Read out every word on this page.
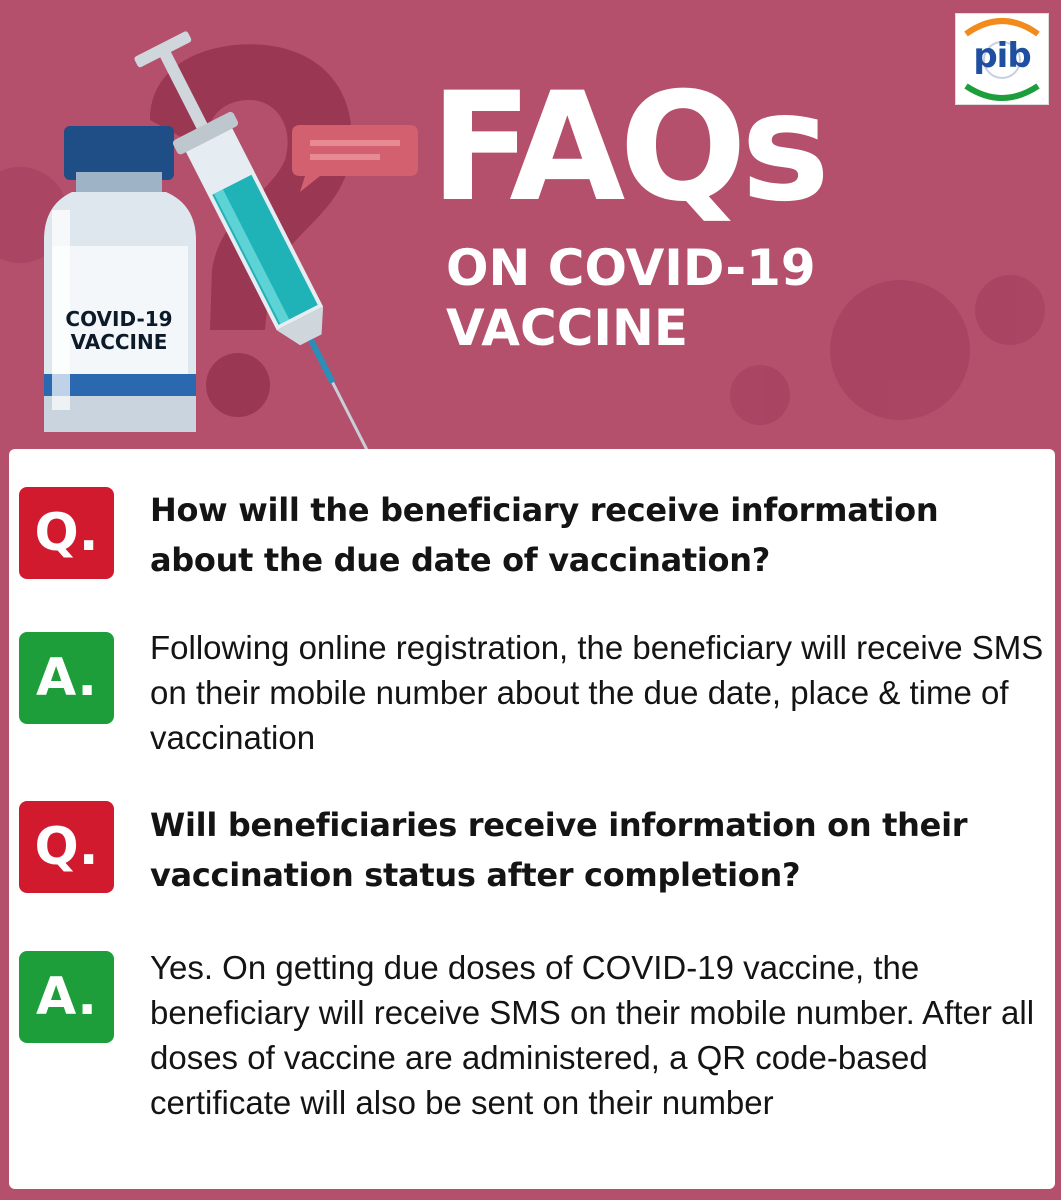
COVID-19
VACCINE
FAQs
ON COVID-19
VACCINE
pib
Q.	How will the beneficiary receive information about the due date of vaccination?
A.
Following online registration, the beneficiary will receive SMS on their mobile number about the due date, place & time of vaccination
Q.	Will beneficiaries receive information on their vaccination status after completion?
A.	Yes. On getting due doses of COVID-19 vaccine, the beneficiary will receive SMS on their mobile number. After all doses of vaccine are administered, a QR code-based certificate will also be sent on their number
